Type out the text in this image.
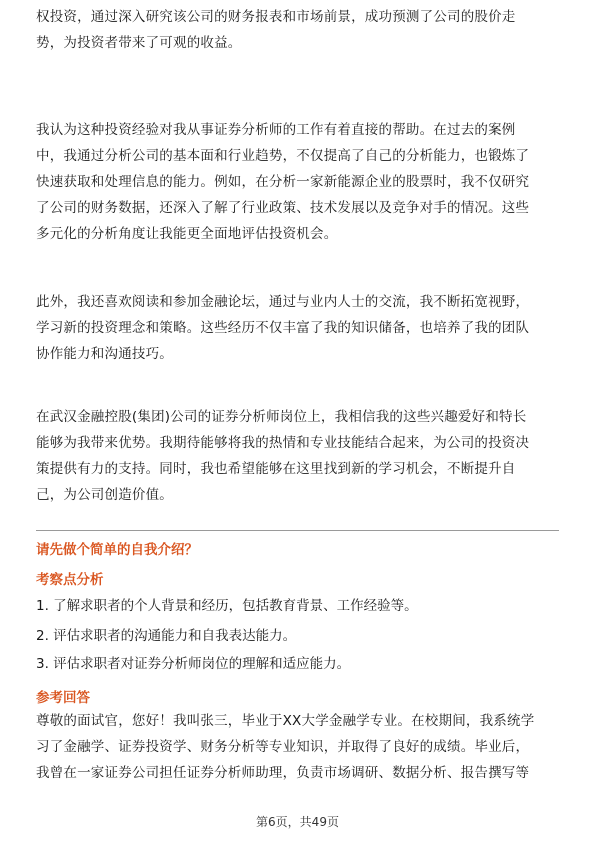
权投资，通过深入研究该公司的财务报表和市场前景，成功预测了公司的股价走
势，为投资者带来了可观的收益。
我认为这种投资经验对我从事证券分析师的工作有着直接的帮助。在过去的案例
中，我通过分析公司的基本面和行业趋势，不仅提高了自己的分析能力，也锻炼了
快速获取和处理信息的能力。例如，在分析一家新能源企业的股票时，我不仅研究
了公司的财务数据，还深入了解了行业政策、技术发展以及竞争对手的情况。这些
多元化的分析角度让我能更全面地评估投资机会。
此外，我还喜欢阅读和参加金融论坛，通过与业内人士的交流，我不断拓宽视野，
学习新的投资理念和策略。这些经历不仅丰富了我的知识储备，也培养了我的团队
协作能力和沟通技巧。
在武汉金融控股(集团)公司的证券分析师岗位上，我相信我的这些兴趣爱好和特长
能够为我带来优势。我期待能够将我的热情和专业技能结合起来，为公司的投资决
策提供有力的支持。同时，我也希望能够在这里找到新的学习机会，不断提升自
己，为公司创造价值。

请先做个简单的自我介绍？

考察点分析

1. 了解求职者的个人背景和经历，包括教育背景、工作经验等。

2. 评估求职者的沟通能力和自我表达能力。

3. 评估求职者对证券分析师岗位的理解和适应能力。

参考回答

尊敬的面试官，您好！我叫张三，毕业于XX大学金融学专业。在校期间，我系统学
习了金融学、证券投资学、财务分析等专业知识，并取得了良好的成绩。毕业后，
我曾在一家证券公司担任证券分析师助理，负责市场调研、数据分析、报告撰写等
第6页，共49页
